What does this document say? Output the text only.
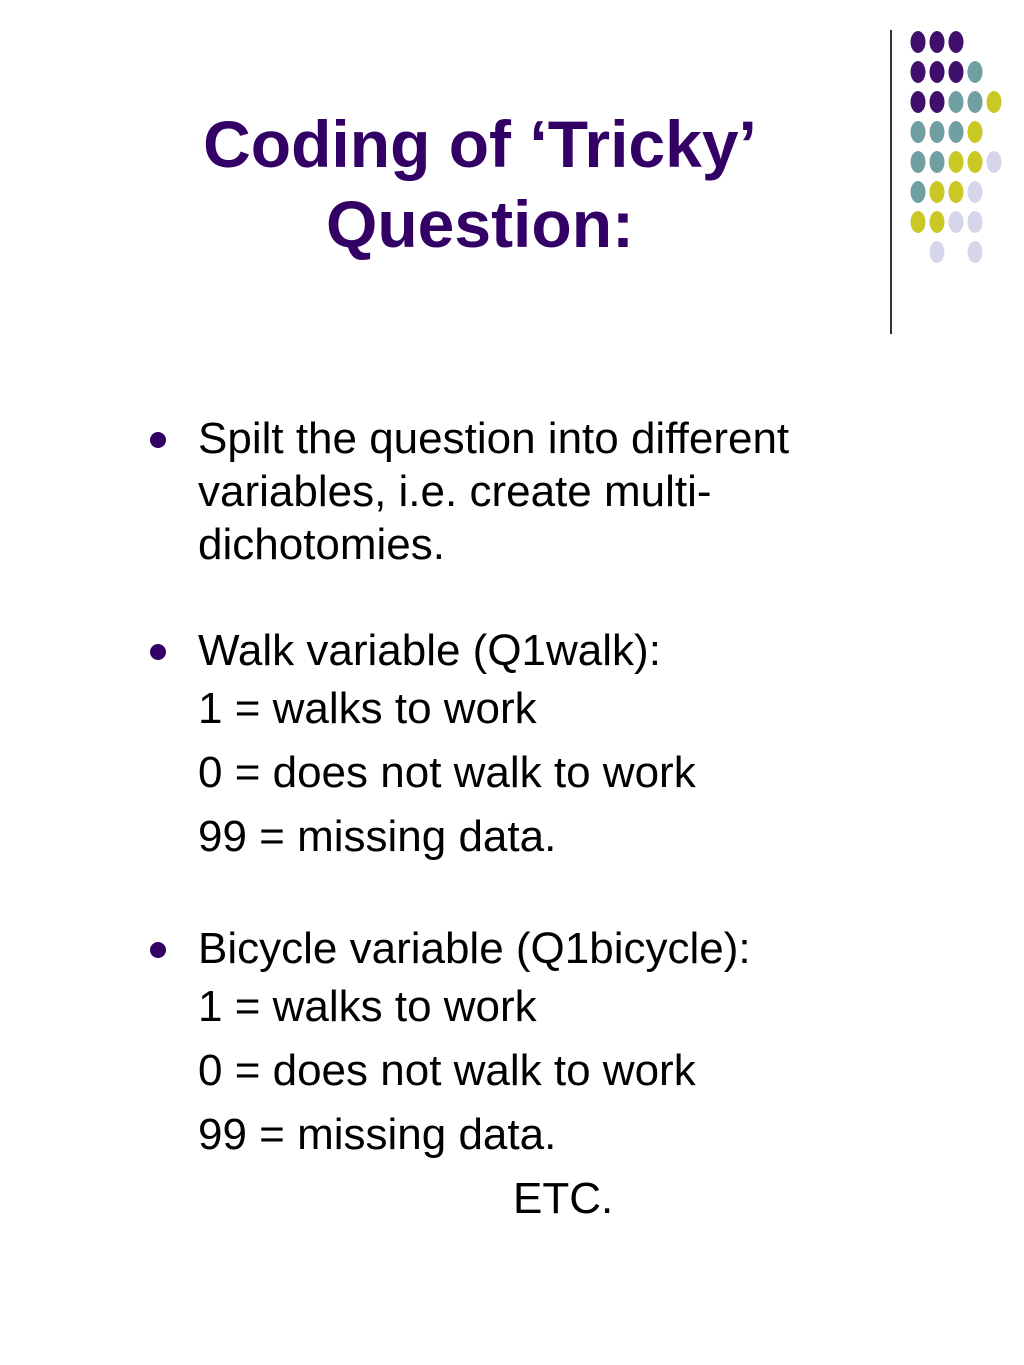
Coding of ‘Tricky’
Question:
Spilt the question into different
variables, i.e. create multi-
dichotomies.
Walk variable (Q1walk):
1 = walks to work
0 = does not walk to work
99 = missing data.
Bicycle variable (Q1bicycle):
1 = walks to work
0 = does not walk to work
99 = missing data.
ETC.
